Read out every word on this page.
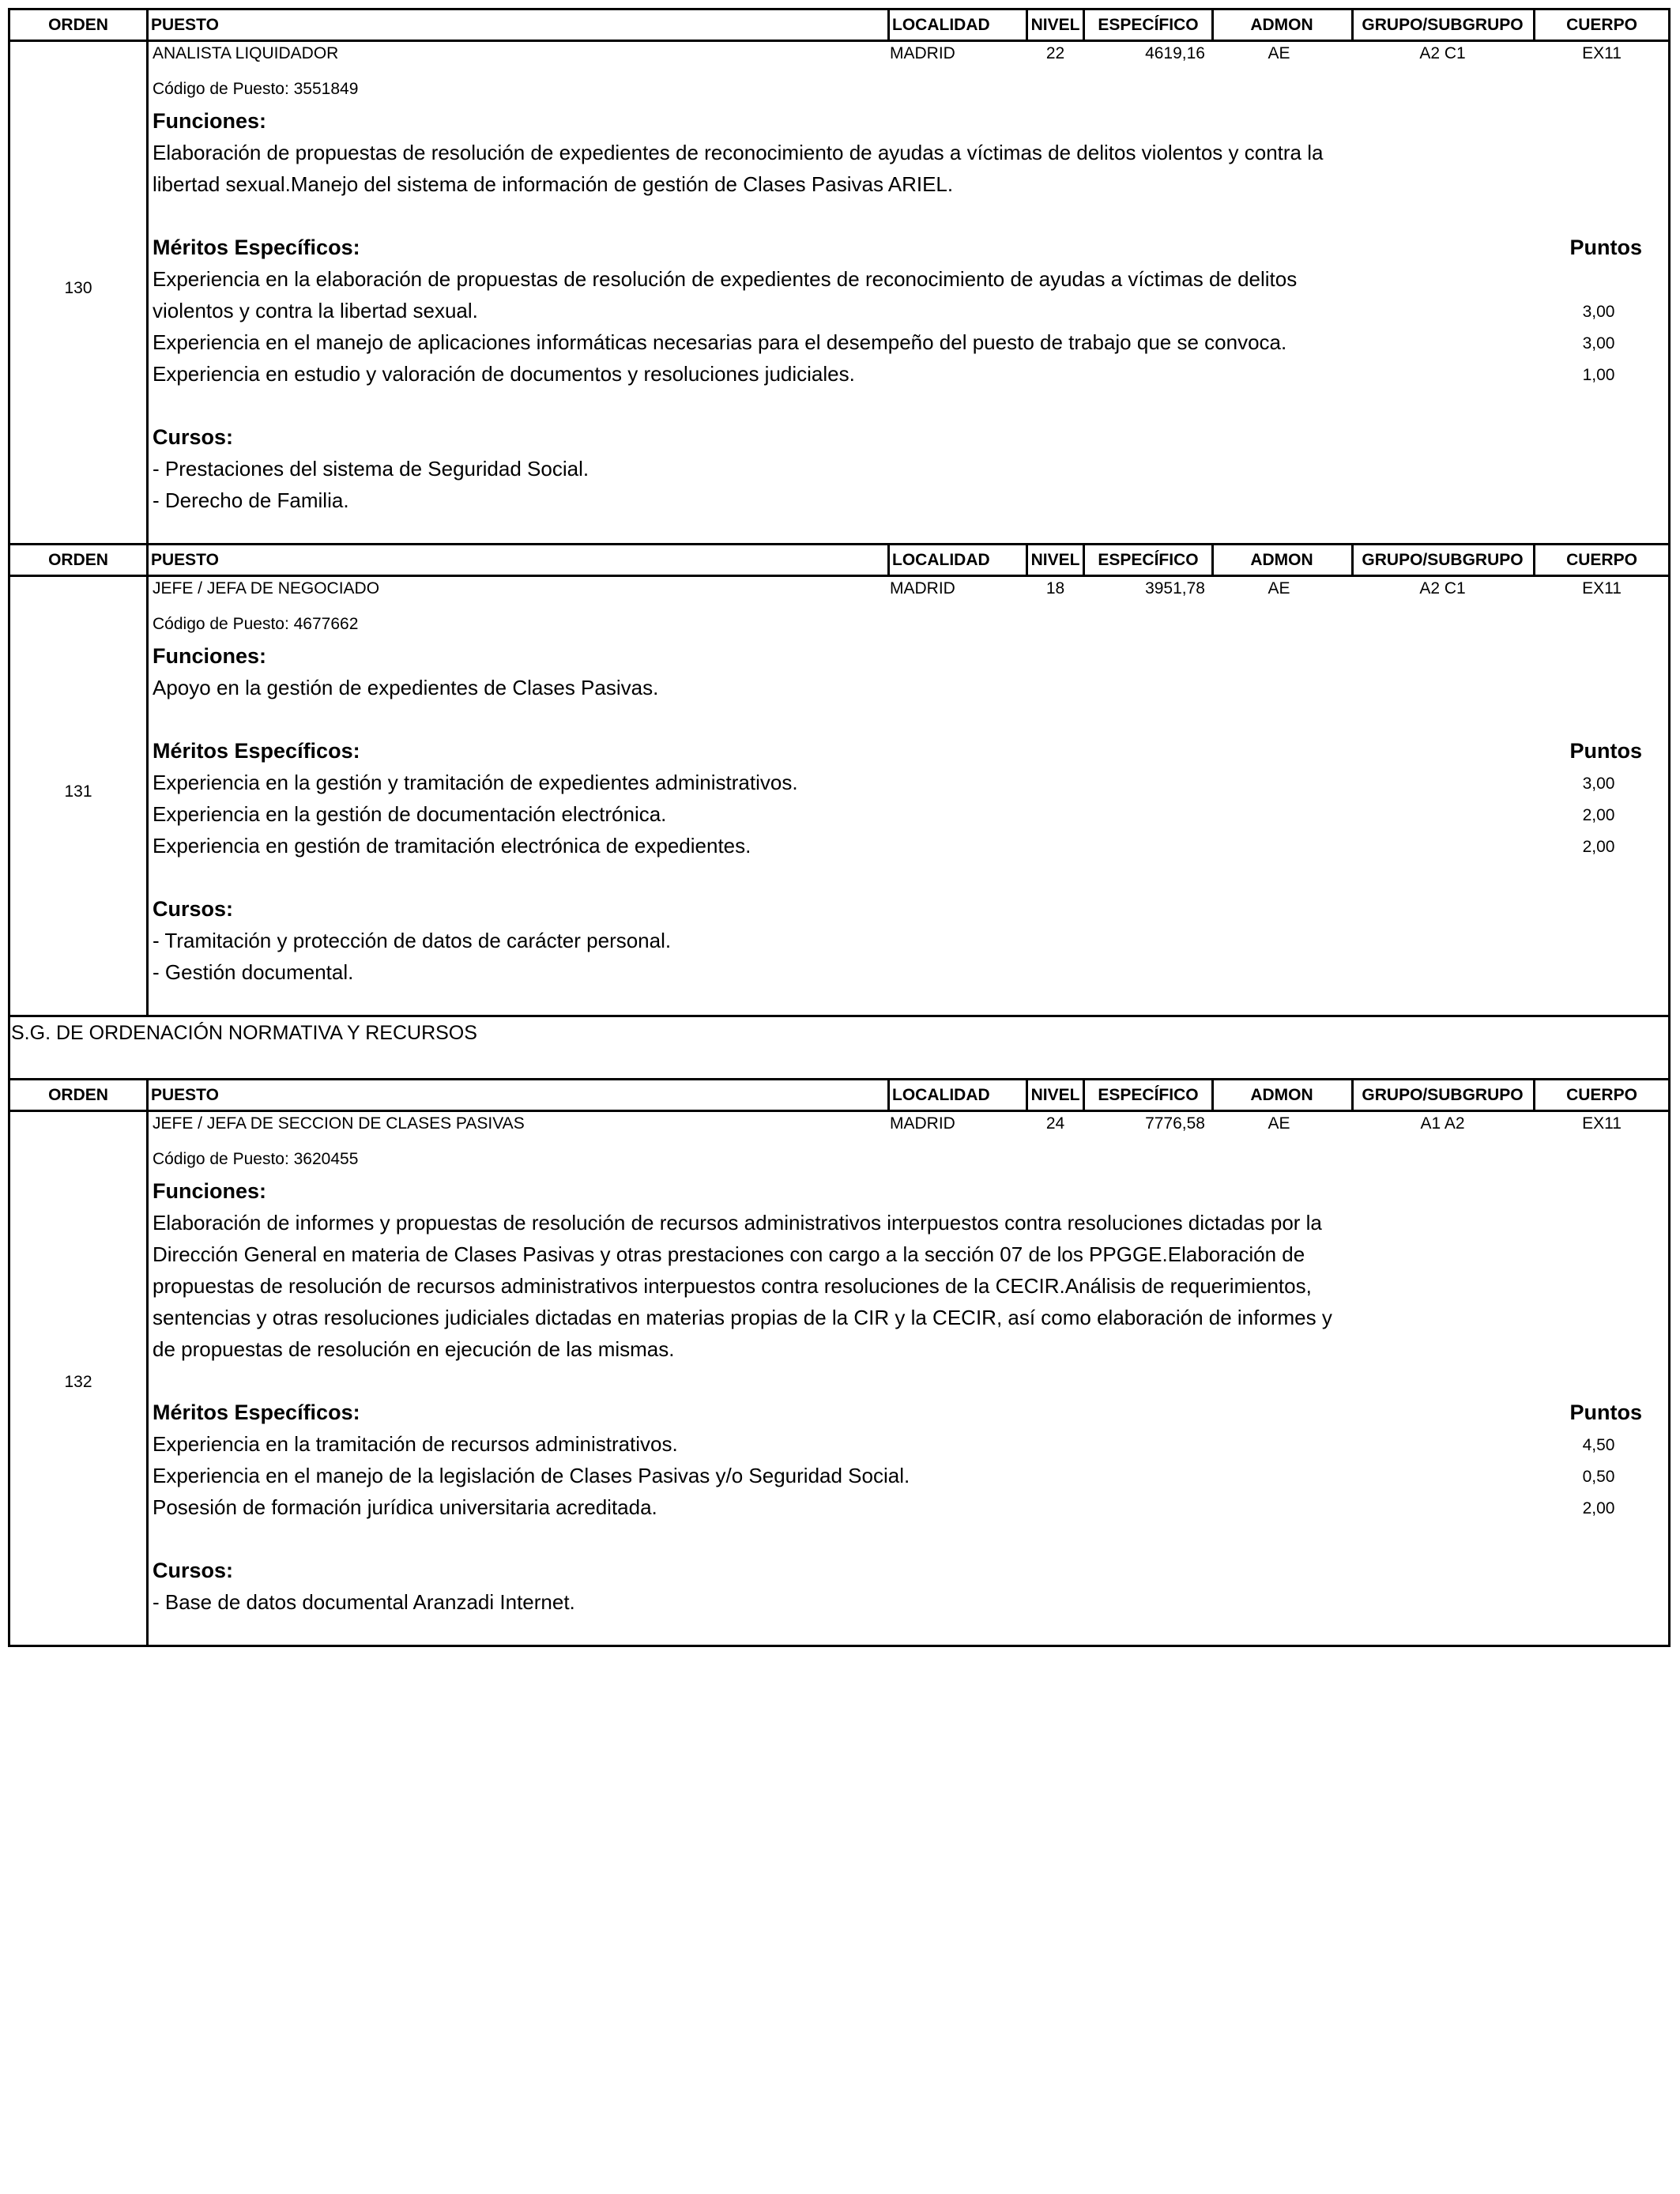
ORDEN	PUESTO	LOCALIDAD	NIVEL	ESPECÍFICO	ADMON	GRUPO/SUBGRUPO	CUERPO
130
ANALISTA LIQUIDADOR	MADRID	22	4619,16	AE	A2 C1	EX11
Código de Puesto: 3551849
Funciones:
Elaboración de propuestas de resolución de expedientes de reconocimiento de ayudas a víctimas de delitos violentos y contra la
libertad sexual.Manejo del sistema de información de gestión de Clases Pasivas ARIEL.
Méritos Específicos:	Puntos
Experiencia en la elaboración de propuestas de resolución de expedientes de reconocimiento de ayudas a víctimas de delitos
violentos y contra la libertad sexual.	3,00
Experiencia en el manejo de aplicaciones informáticas necesarias para el desempeño del puesto de trabajo que se convoca.	3,00
Experiencia en estudio y valoración de documentos y resoluciones judiciales.	1,00
Cursos:
- Prestaciones del sistema de Seguridad Social.
- Derecho de Familia.
ORDEN	PUESTO	LOCALIDAD	NIVEL	ESPECÍFICO	ADMON	GRUPO/SUBGRUPO	CUERPO
131
JEFE / JEFA DE NEGOCIADO	MADRID	18	3951,78	AE	A2 C1	EX11
Código de Puesto: 4677662
Funciones:
Apoyo en la gestión de expedientes de Clases Pasivas.
Méritos Específicos:	Puntos
Experiencia en la gestión y tramitación de expedientes administrativos.	3,00
Experiencia en la gestión de documentación electrónica.	2,00
Experiencia en gestión de tramitación electrónica de expedientes.	2,00
Cursos:
- Tramitación y protección de datos de carácter personal.
- Gestión documental.
S.G. DE ORDENACIÓN NORMATIVA Y RECURSOS
ORDEN	PUESTO	LOCALIDAD	NIVEL	ESPECÍFICO	ADMON	GRUPO/SUBGRUPO	CUERPO
132
JEFE / JEFA DE SECCION DE CLASES PASIVAS	MADRID	24	7776,58	AE	A1 A2	EX11
Código de Puesto: 3620455
Funciones:
Elaboración de informes y propuestas de resolución de recursos administrativos interpuestos contra resoluciones dictadas por la
Dirección General en materia de Clases Pasivas y otras prestaciones con cargo a la sección 07 de los PPGGE.Elaboración de
propuestas de resolución de recursos administrativos interpuestos contra resoluciones de la CECIR.Análisis de requerimientos,
sentencias y otras resoluciones judiciales dictadas en materias propias de la CIR y la CECIR, así como elaboración de informes y
de propuestas de resolución en ejecución de las mismas.
Méritos Específicos:	Puntos
Experiencia en la tramitación de recursos administrativos.	4,50
Experiencia en el manejo de la legislación de Clases Pasivas y/o Seguridad Social.	0,50
Posesión de formación jurídica universitaria acreditada.	2,00
Cursos:
- Base de datos documental Aranzadi Internet.
